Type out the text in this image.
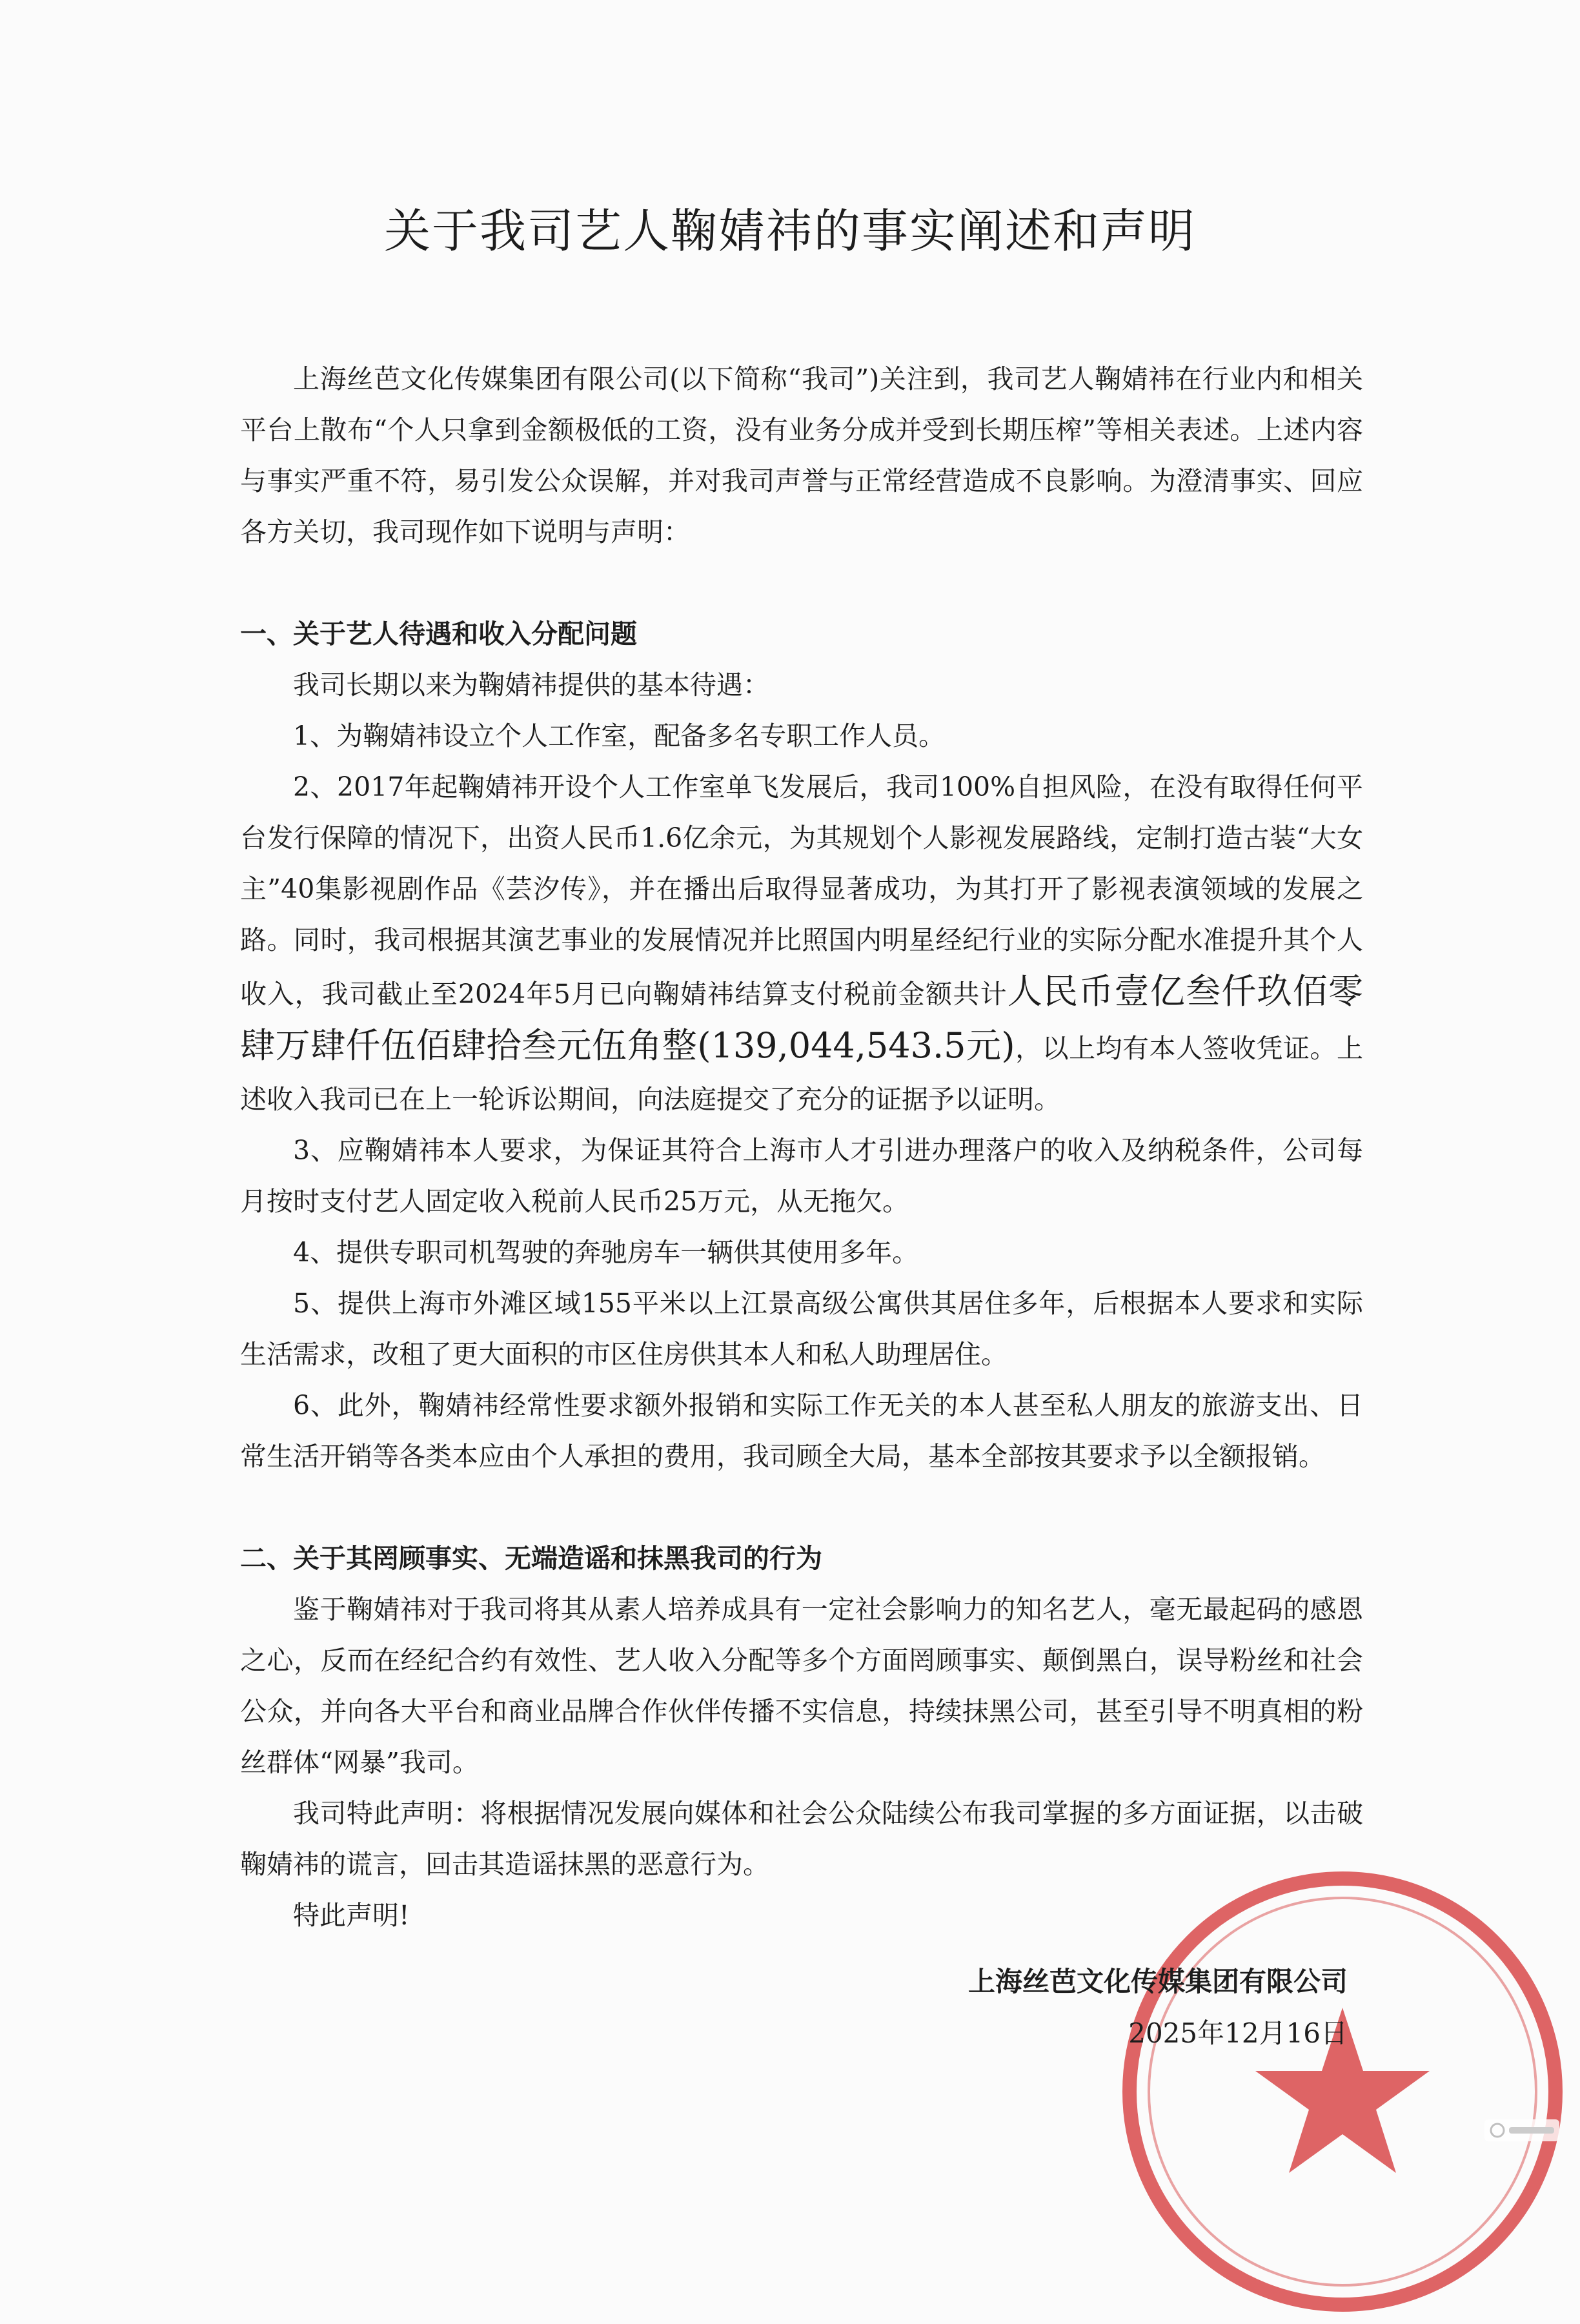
关于我司艺人鞠婧祎的事实阐述和声明

上海丝芭文化传媒集团有限公司(以下简称“我司”)关注到，我司艺人鞠婧祎在行业内和相关平台上散布“个人只拿到金额极低的工资，没有业务分成并受到长期压榨”等相关表述。上述内容与事实严重不符，易引发公众误解，并对我司声誉与正常经营造成不良影响。为澄清事实、回应各方关切，我司现作如下说明与声明：

一、关于艺人待遇和收入分配问题

我司长期以来为鞠婧祎提供的基本待遇：

1、为鞠婧祎设立个人工作室，配备多名专职工作人员。

2、2017年起鞠婧祎开设个人工作室单飞发展后，我司100%自担风险，在没有取得任何平台发行保障的情况下，出资人民币1.6亿余元，为其规划个人影视发展路线，定制打造古装“大女主”40集影视剧作品《芸汐传》，并在播出后取得显著成功，为其打开了影视表演领域的发展之路。同时，我司根据其演艺事业的发展情况并比照国内明星经纪行业的实际分配水准提升其个人收入，我司截止至2024年5月已向鞠婧祎结算支付税前金额共计人民币壹亿叁仟玖佰零肆万肆仟伍佰肆拾叁元伍角整(139,044,543.5元)，以上均有本人签收凭证。上述收入我司已在上一轮诉讼期间，向法庭提交了充分的证据予以证明。

3、应鞠婧祎本人要求，为保证其符合上海市人才引进办理落户的收入及纳税条件，公司每月按时支付艺人固定收入税前人民币25万元，从无拖欠。

4、提供专职司机驾驶的奔驰房车一辆供其使用多年。

5、提供上海市外滩区域155平米以上江景高级公寓供其居住多年，后根据本人要求和实际生活需求，改租了更大面积的市区住房供其本人和私人助理居住。

6、此外，鞠婧祎经常性要求额外报销和实际工作无关的本人甚至私人朋友的旅游支出、日常生活开销等各类本应由个人承担的费用，我司顾全大局，基本全部按其要求予以全额报销。

二、关于其罔顾事实、无端造谣和抹黑我司的行为

鉴于鞠婧祎对于我司将其从素人培养成具有一定社会影响力的知名艺人，毫无最起码的感恩之心，反而在经纪合约有效性、艺人收入分配等多个方面罔顾事实、颠倒黑白，误导粉丝和社会公众，并向各大平台和商业品牌合作伙伴传播不实信息，持续抹黑公司，甚至引导不明真相的粉丝群体“网暴”我司。

我司特此声明：将根据情况发展向媒体和社会公众陆续公布我司掌握的多方面证据，以击破鞠婧祎的谎言，回击其造谣抹黑的恶意行为。

特此声明!

上海丝芭文化传媒集团有限公司
2025年12月16日
